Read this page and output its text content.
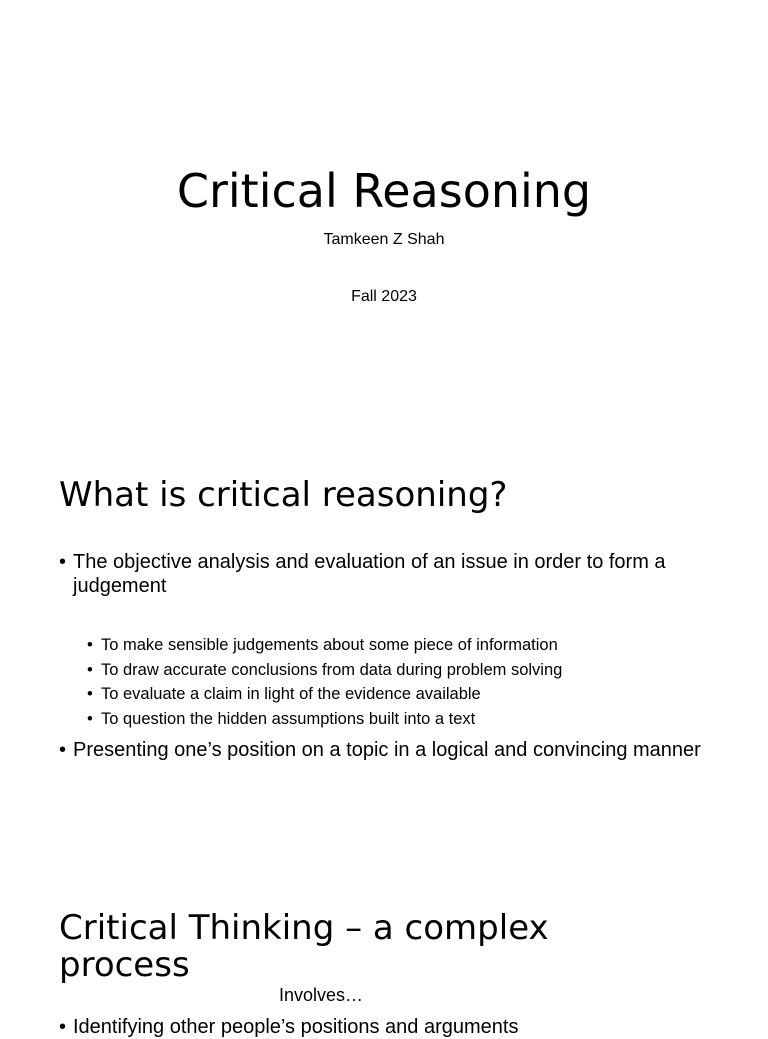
Critical Reasoning
Tamkeen Z Shah
Fall 2023
What is critical reasoning?
• The objective analysis and evaluation of an issue in order to form a judgement
• To make sensible judgements about some piece of information
• To draw accurate conclusions from data during problem solving
• To evaluate a claim in light of the evidence available
• To question the hidden assumptions built into a text
• Presenting one’s position on a topic in a logical and convincing manner
Critical Thinking – a complex process
Involves…
• Identifying other people’s positions and arguments
